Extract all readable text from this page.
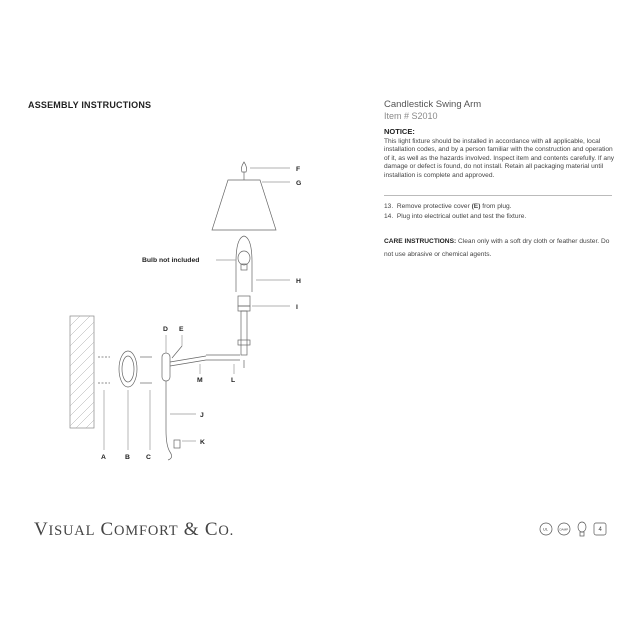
ASSEMBLY INSTRUCTIONS	Candlestick Swing Arm
Item # S2010
NOTICE:
This light fixture should be installed in accordance with all applicable, local installation codes, and by a person familiar with the construction and operation of it, as well as the hazards involved. Inspect item and contents carefully. If any damage or defect is found, do not install. Retain all packaging material until installation is complete and approved.
13. Remove protective cover (E) from plug.
14. Plug into electrical outlet and test the fixture.
CARE INSTRUCTIONS: Clean only with a soft dry cloth or feather duster. Do not use abrasive or chemical agents.
Bulb not included
A	B C
D E
F
G
H
I
J
K
L
M
VISUAL COMFORT & CO.	UL	DAMP	4
